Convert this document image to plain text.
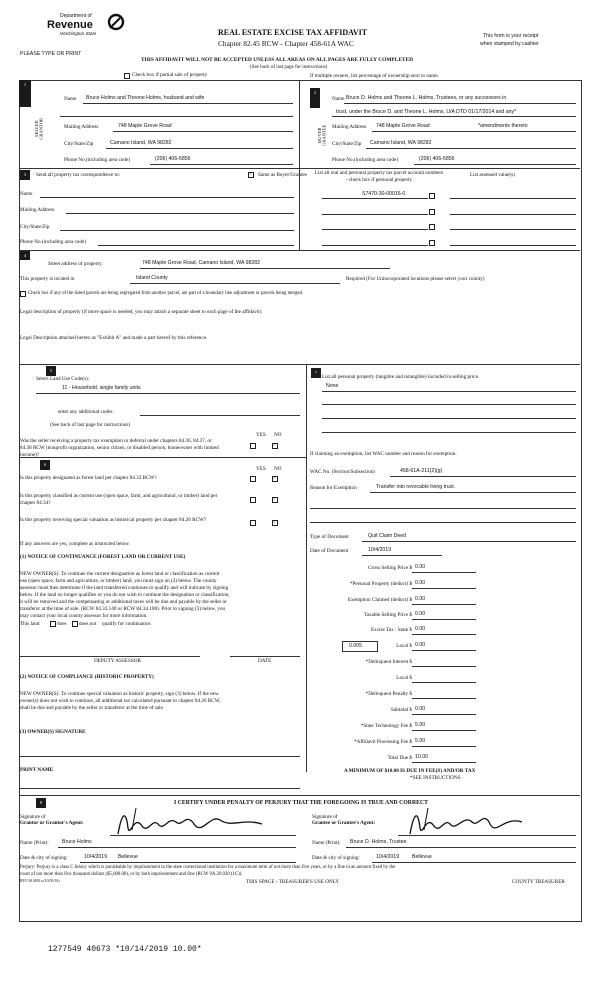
Department of
Revenue
Washington State	REAL ESTATE EXCISE TAX AFFIDAVIT
Chapter 82.45 RCW - Chapter 458-61A WAC
This form is your receipt
when stamped by cashier
PLEASE TYPE OR PRINT
THIS AFFIDAVIT WILL NOT BE ACCEPTED UNLESS ALL AREAS ON ALL PAGES ARE FULLY COMPLETED
(See back of last page for instructions)
Check box if partial sale of property	If multiple owners, list percentage of ownership next to name.
1
SELLER
GRANTOR
Name Bruce Holms and Theone Holms, husband and wife
Mailing Address	748 Maple Grove Road
City/State/Zip	Camano Island, WA 98282
Phone No.(including area code)	(206) 406-6856
2
BUYER
GRANTEE
Name Bruce D. Holms and Theone L. Holms, Trustees, or any successors in
trust, under the Bruce D. and Theone L. Holms, U/A DTD 01/17/2014 and any*
Mailing Address 748 Maple Grove Road	*amendments thereto
City/State/Zip Camano Island, WA 98282
Phone No.(including area code)	(206) 406-6856
3	Send all property tax correspondence to:	✓ Same as Buyer/Grantee List all real and personal property tax parcel account numbers - check box if personal property
List assessed value(s)
Name
Mailing Address
City/State/Zip
Phone No.(including area code)
S7470-30-00016-0
4
Street address of property:	748 Maple Grove Road, Camano Island, WA 98282
This property is located in	Island County	Required (For Unincorporated locations please select your county)
Check box if any of the listed parcels are being segregated from another parcel, are part of a boundary line adjustment or parcels being merged.
Legal description of property (if more space is needed, you may attach a separate sheet to each page of the affidavit)
Legal Description attached hereto as "Exhibit A" and made a part hereof by this reference.
5
Select Land Use Code(s):
11 - Household, single family units
enter any additional codes:
(See back of last page for instructions)
YES NO
Was the seller receiving a property tax exemption or deferral under chapters 84.36, 84.37, or 84.38 RCW (nonprofit organization, senior citizen, or disabled person, homeowner with limited income)?
✓
6
YES NO
Is this property designated as forest land per chapter 84.33 RCW?	✓
Is this property classified as current use (open space, farm, and agricultural, or timber) land per chapter 84.34?
✓
Is this property receiving special valuation as historical property per chapter 84.26 RCW?	✓
If any answers are yes, complete as instructed below.
(1) NOTICE OF CONTINUANCE (FOREST LAND OR CURRENT USE)
NEW OWNER(S): To continue the current designation as forest land or classification as current
use (open space, farm and agriculture, or timber) land, you must sign on (3) below. The county
assessor must then determine if the land transferred continues to qualify and will indicate by signing
below. If the land no longer qualifies or you do not wish to continue the designation or classification,
it will be removed and the compensating or additional taxes will be due and payable by the seller or
transferor at the time of sale. (RCW 84.33.140 or RCW 84.34.108). Prior to signing (3) below, you
may contact your local county assessor for more information.
This land	does does not qualify for continuance.
DEPUTY ASSESSOR	DATE
(2) NOTICE OF COMPLIANCE (HISTORIC PROPERTY)
NEW OWNER(S): To continue special valuation as historic property, sign (3) below. If the new
owner(s) does not wish to continue, all additional tax calculated pursuant to chapter 84.26 RCW,
shall be due and payable by the seller or transferor at the time of sale.
(3) OWNER(S) SIGNATURE
PRINT NAME
7
List all personal property (tangible and intangible) included in selling price.
None
If claiming an exemption, list WAC number and reason for exemption:
WAC No. (Section/Subsection)	458-61A-211(2)(g)
Reason for Exemption	Transfer into revocable living trust.
Type of Document	Quit Claim Deed
Date of Document	10/4/2019
Gross Selling Price $ 0.00
*Personal Property (deduct) $ 0.00
Exemption Claimed (deduct) $ 0.00
Taxable Selling Price $ 0.00
Excise Tax : State $ 0.00
Local $ 0.00
*Delinquent Interest $
Local $
*Delinquent Penalty $
Subtotal $ 0.00
*State Technology Fee $ 5.00
*Affidavit Processing Fee $ 5.00
Total Due $ 10.00
0.005
A MINIMUM OF $10.00 IS DUE IN FEE(S) AND/OR TAX
*SEE INSTRUCTIONS
8	I CERTIFY UNDER PENALTY OF PERJURY THAT THE FOREGOING IS TRUE AND CORRECT
Signature of
Grantor or Grantor's Agent:
Signature of
Grantee or Grantee's Agent:
Name (Print):	Bruce Holms	Name (Print): Bruce D. Holms, Trustee
Date & city of signing:	10/4/2019 Bellevue	Date & city of signing:	10/4/2019 Bellevue
Perjury: Perjury is a class C felony which is punishable by imprisonment in the state correctional institution for a maximum term of not more than five years, or by a fine in an amount fixed by the
court of not more than five thousand dollars ($5,000.00), or by both imprisonment and fine (RCW 9A.20.020 (1C)).
REV 84 0001a (10/05/16)	THIS SPACE - TREASURER'S USE ONLY	COUNTY TREASURER
1277549 40673 *10/14/2019 10.00*
